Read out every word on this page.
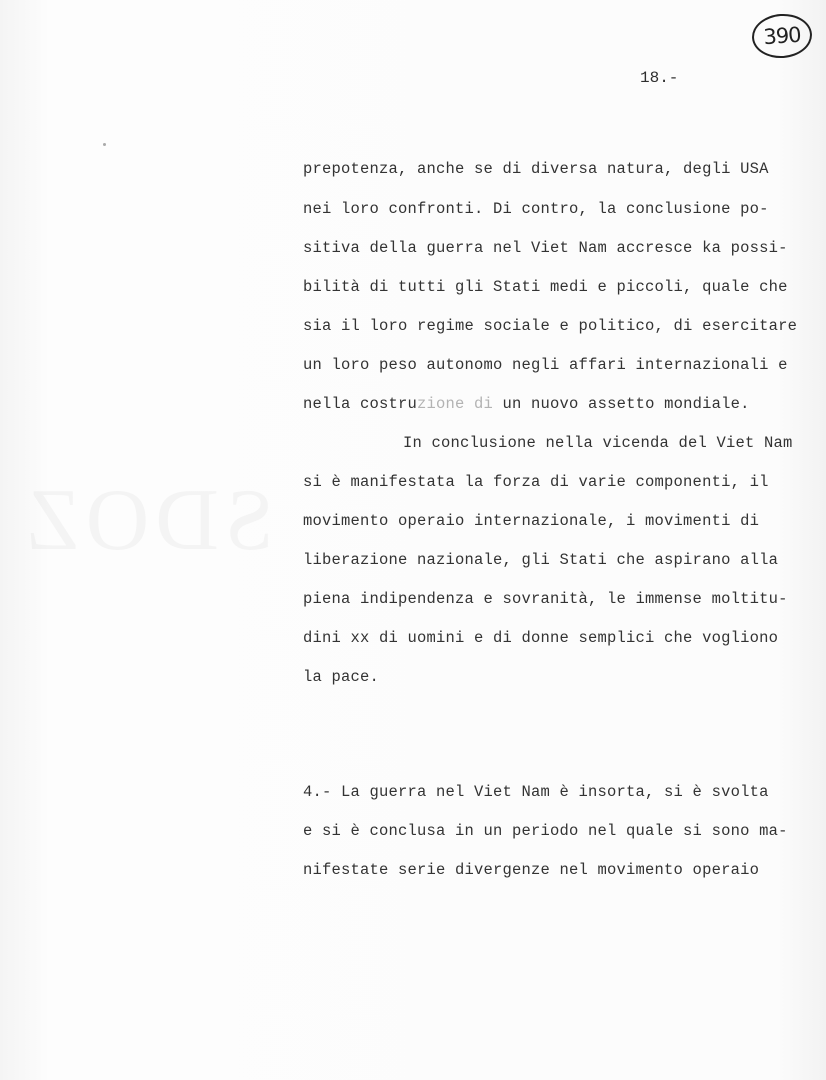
390
18.-
prepotenza, anche se di diversa natura, degli USA
nei loro confronti. Di contro, la conclusione po-
sitiva della guerra nel Viet Nam accresce ka possi-
bilità di tutti gli Stati medi e piccoli, quale che
sia il loro regime sociale e politico, di esercitare
un loro peso autonomo negli affari internazionali e
nella costruzione di un nuovo assetto mondiale.
In conclusione nella vicenda del Viet Nam
si è manifestata la forza di varie componenti, il
movimento operaio internazionale, i movimenti di
liberazione nazionale, gli Stati che aspirano alla
piena indipendenza e sovranità, le immense moltitu-
dini xx di uomini e di donne semplici che vogliono
la pace.
4.- La guerra nel Viet Nam è insorta, si è svolta
e si è conclusa in un periodo nel quale si sono ma-
nifestate serie divergenze nel movimento operaio
